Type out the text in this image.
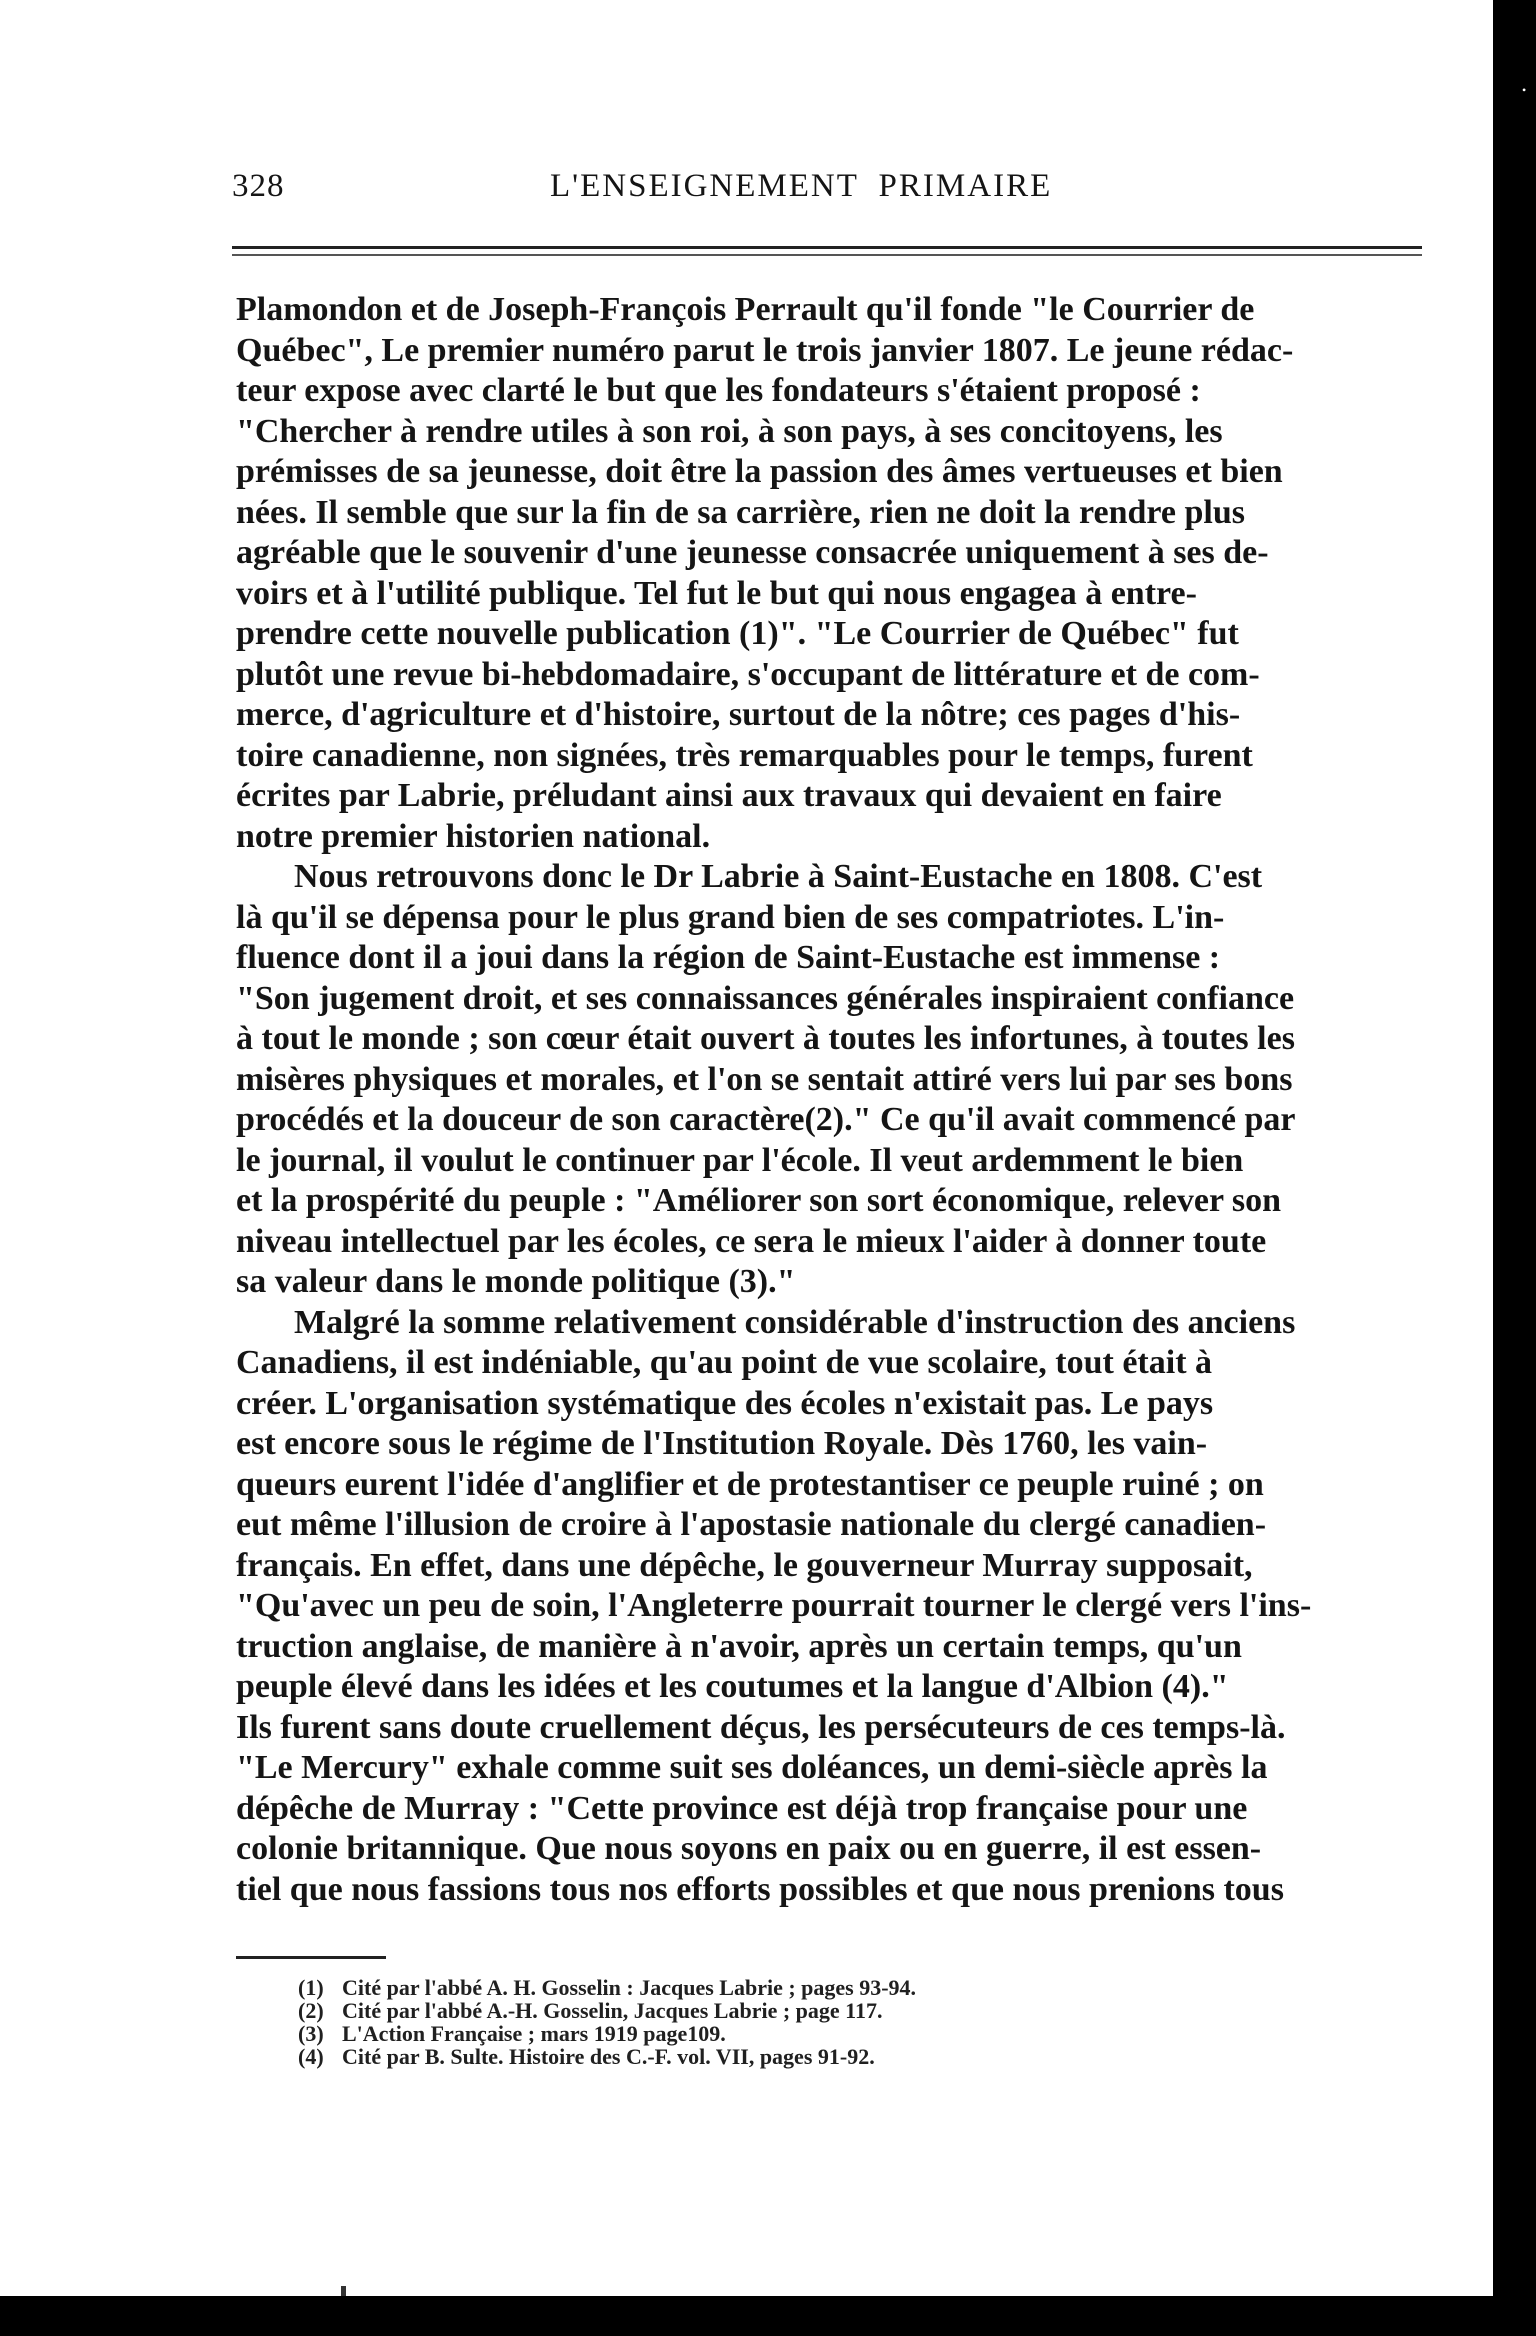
328	L'ENSEIGNEMENT PRIMAIRE
Plamondon et de Joseph-François Perrault qu'il fonde "le Courrier de
Québec", Le premier numéro parut le trois janvier 1807. Le jeune rédac-
teur expose avec clarté le but que les fondateurs s'étaient proposé :
"Chercher à rendre utiles à son roi, à son pays, à ses concitoyens, les
prémisses de sa jeunesse, doit être la passion des âmes vertueuses et bien
nées. Il semble que sur la fin de sa carrière, rien ne doit la rendre plus
agréable que le souvenir d'une jeunesse consacrée uniquement à ses de-
voirs et à l'utilité publique. Tel fut le but qui nous engagea à entre-
prendre cette nouvelle publication (1)". "Le Courrier de Québec" fut
plutôt une revue bi-hebdomadaire, s'occupant de littérature et de com-
merce, d'agriculture et d'histoire, surtout de la nôtre; ces pages d'his-
toire canadienne, non signées, très remarquables pour le temps, furent
écrites par Labrie, préludant ainsi aux travaux qui devaient en faire
notre premier historien national.
Nous retrouvons donc le Dr Labrie à Saint-Eustache en 1808. C'est
là qu'il se dépensa pour le plus grand bien de ses compatriotes. L'in-
fluence dont il a joui dans la région de Saint-Eustache est immense :
"Son jugement droit, et ses connaissances générales inspiraient confiance
à tout le monde ; son cœur était ouvert à toutes les infortunes, à toutes les
misères physiques et morales, et l'on se sentait attiré vers lui par ses bons
procédés et la douceur de son caractère(2)." Ce qu'il avait commencé par
le journal, il voulut le continuer par l'école. Il veut ardemment le bien
et la prospérité du peuple : "Améliorer son sort économique, relever son
niveau intellectuel par les écoles, ce sera le mieux l'aider à donner toute
sa valeur dans le monde politique (3)."
Malgré la somme relativement considérable d'instruction des anciens
Canadiens, il est indéniable, qu'au point de vue scolaire, tout était à
créer. L'organisation systématique des écoles n'existait pas. Le pays
est encore sous le régime de l'Institution Royale. Dès 1760, les vain-
queurs eurent l'idée d'anglifier et de protestantiser ce peuple ruiné ; on
eut même l'illusion de croire à l'apostasie nationale du clergé canadien-
français. En effet, dans une dépêche, le gouverneur Murray supposait,
"Qu'avec un peu de soin, l'Angleterre pourrait tourner le clergé vers l'ins-
truction anglaise, de manière à n'avoir, après un certain temps, qu'un
peuple élevé dans les idées et les coutumes et la langue d'Albion (4)."
Ils furent sans doute cruellement déçus, les persécuteurs de ces temps-là.
"Le Mercury" exhale comme suit ses doléances, un demi-siècle après la
dépêche de Murray : "Cette province est déjà trop française pour une
colonie britannique. Que nous soyons en paix ou en guerre, il est essen-
tiel que nous fassions tous nos efforts possibles et que nous prenions tous
(1) Cité par l'abbé A. H. Gosselin : Jacques Labrie ; pages 93-94.
(2) Cité par l'abbé A.-H. Gosselin, Jacques Labrie ; page 117.
(3) L'Action Française ; mars 1919 page109.
(4) Cité par B. Sulte. Histoire des C.-F. vol. VII, pages 91-92.
•
